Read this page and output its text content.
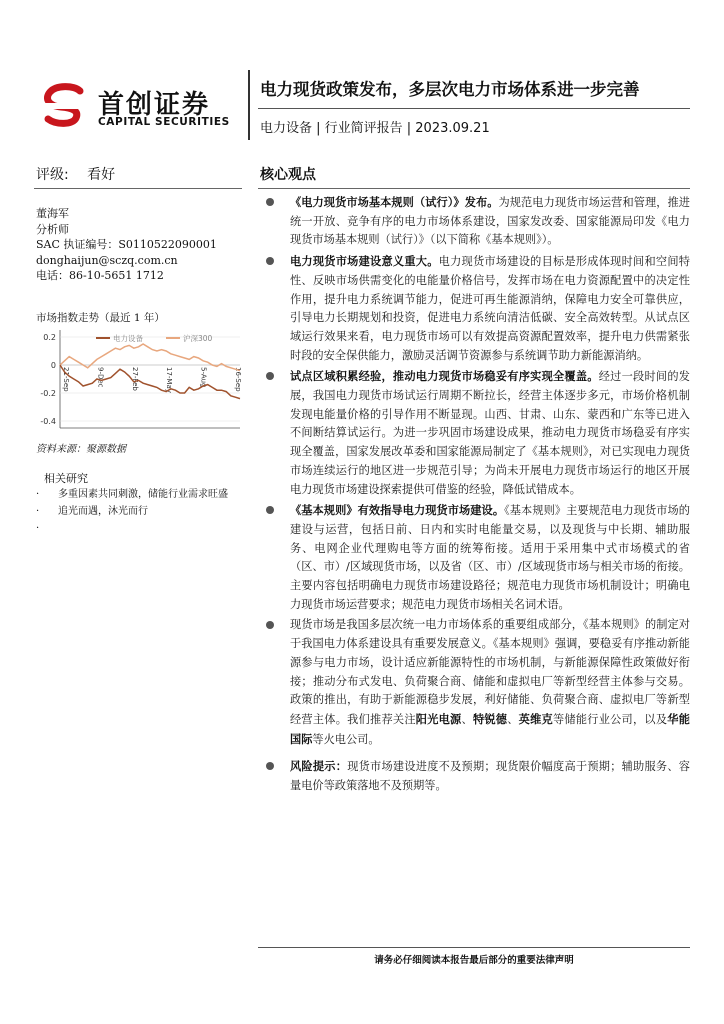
首创证券
CAPITAL SECURITIES
电力现货政策发布，多层次电力市场体系进一步完善
电力设备 | 行业简评报告 | 2023.09.21
评级: 看好	核心观点
董海军
分析师
SAC 执证编号：S0110522090001
donghaijun@sczq.com.cn
电话：86-10-5651 1712
市场指数走势（最近 1 年）
0.2
0
-0.2
-0.4
21-Sep	9-Dec	27-Feb	17-May	5-Aug	16-Sep
电力设备	沪深300
资料来源：聚源数据
相关研究
· 多重因素共同刺激，储能行业需求旺盛
· 追光而遇，沐光而行
·
《电力现货市场基本规则（试行）》发布。为规范电力现货市场运营和管理，推进统一开放、竞争有序的电力市场体系建设，国家发改委、国家能源局印发《电力现货市场基本规则（试行）》（以下简称《基本规则》）。
电力现货市场建设意义重大。电力现货市场建设的目标是形成体现时间和空间特性、反映市场供需变化的电能量价格信号，发挥市场在电力资源配置中的决定性作用，提升电力系统调节能力，促进可再生能源消纳，保障电力安全可靠供应，引导电力长期规划和投资，促进电力系统向清洁低碳、安全高效转型。从试点区域运行效果来看，电力现货市场可以有效提高资源配置效率，提升电力供需紧张时段的安全保供能力，激励灵活调节资源参与系统调节助力新能源消纳。
试点区域积累经验，推动电力现货市场稳妥有序实现全覆盖。经过一段时间的发展，我国电力现货市场试运行周期不断拉长，经营主体逐步多元，市场价格机制发现电能量价格的引导作用不断显现。山西、甘肃、山东、蒙西和广东等已进入不间断结算试运行。为进一步巩固市场建设成果，推动电力现货市场稳妥有序实现全覆盖，国家发展改革委和国家能源局制定了《基本规则》，对已实现电力现货市场连续运行的地区进一步规范引导；为尚未开展电力现货市场运行的地区开展电力现货市场建设探索提供可借鉴的经验，降低试错成本。
《基本规则》有效指导电力现货市场建设。《基本规则》主要规范电力现货市场的建设与运营，包括日前、日内和实时电能量交易，以及现货与中长期、辅助服务、电网企业代理购电等方面的统筹衔接。适用于采用集中式市场模式的省（区、市）/区域现货市场，以及省（区、市）/区域现货市场与相关市场的衔接。主要内容包括明确电力现货市场建设路径；规范电力现货市场机制设计；明确电力现货市场运营要求；规范电力现货市场相关名词术语。
现货市场是我国多层次统一电力市场体系的重要组成部分，《基本规则》的制定对于我国电力体系建设具有重要发展意义。《基本规则》强调，要稳妥有序推动新能源参与电力市场，设计适应新能源特性的市场机制，与新能源保障性政策做好衔接；推动分布式发电、负荷聚合商、储能和虚拟电厂等新型经营主体参与交易。政策的推出，有助于新能源稳步发展，利好储能、负荷聚合商、虚拟电厂等新型经营主体。我们推荐关注阳光电源、特锐德、英维克等储能行业公司，以及华能国际等火电公司。
风险提示：现货市场建设进度不及预期；现货限价幅度高于预期；辅助服务、容量电价等政策落地不及预期等。
请务必仔细阅读本报告最后部分的重要法律声明
